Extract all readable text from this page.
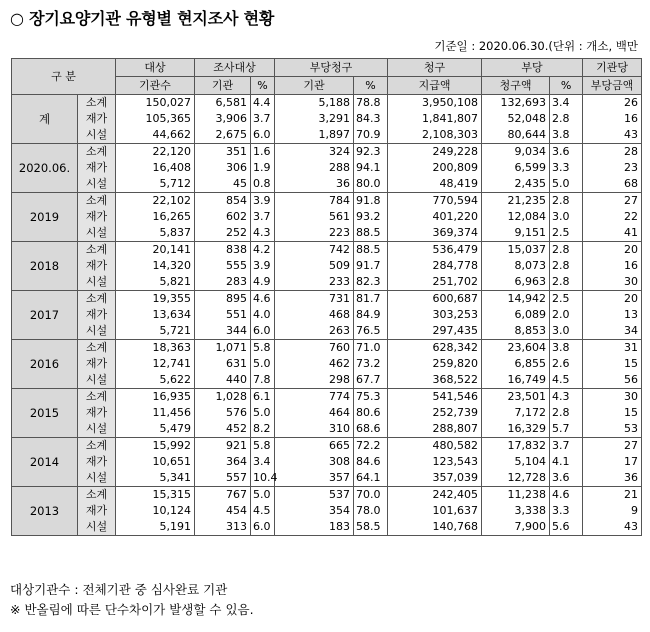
○ 장기요양기관 유형별 현지조사 현황
기준일 : 2020.06.30.(단위 : 개소, 백만
구 분		대상	조사대상		부당청구		청구	부당		기관당
		기관수	기관	%	기관	%	지급액	청구액	%	부당금액
계	소계	150,027	6,581	4.4	5,188	78.8	3,950,108	132,693	3.4	26
	재가	105,365	3,906	3.7	3,291	84.3	1,841,807	52,048	2.8	16
	시설	44,662	2,675	6.0	1,897	70.9	2,108,303	80,644	3.8	43
2020.06.	소계	22,120	351	1.6	324	92.3	249,228	9,034	3.6	28
	재가	16,408	306	1.9	288	94.1	200,809	6,599	3.3	23
	시설	5,712	45	0.8	36	80.0	48,419	2,435	5.0	68
2019	소계	22,102	854	3.9	784	91.8	770,594	21,235	2.8	27
	재가	16,265	602	3.7	561	93.2	401,220	12,084	3.0	22
	시설	5,837	252	4.3	223	88.5	369,374	9,151	2.5	41
2018	소계	20,141	838	4.2	742	88.5	536,479	15,037	2.8	20
	재가	14,320	555	3.9	509	91.7	284,778	8,073	2.8	16
	시설	5,821	283	4.9	233	82.3	251,702	6,963	2.8	30
2017	소계	19,355	895	4.6	731	81.7	600,687	14,942	2.5	20
	재가	13,634	551	4.0	468	84.9	303,253	6,089	2.0	13
	시설	5,721	344	6.0	263	76.5	297,435	8,853	3.0	34
2016	소계	18,363	1,071	5.8	760	71.0	628,342	23,604	3.8	31
	재가	12,741	631	5.0	462	73.2	259,820	6,855	2.6	15
	시설	5,622	440	7.8	298	67.7	368,522	16,749	4.5	56
2015	소계	16,935	1,028	6.1	774	75.3	541,546	23,501	4.3	30
	재가	11,456	576	5.0	464	80.6	252,739	7,172	2.8	15
	시설	5,479	452	8.2	310	68.6	288,807	16,329	5.7	53
2014	소계	15,992	921	5.8	665	72.2	480,582	17,832	3.7	27
	재가	10,651	364	3.4	308	84.6	123,543	5,104	4.1	17
	시설	5,341	557	10.4	357	64.1	357,039	12,728	3.6	36
2013	소계	15,315	767	5.0	537	70.0	242,405	11,238	4.6	21
	재가	10,124	454	4.5	354	78.0	101,637	3,338	3.3	9
	시설	5,191	313	6.0	183	58.5	140,768	7,900	5.6	43
대상기관수 : 전체기관 중 심사완료 기관
※ 반올림에 따른 단수차이가 발생할 수 있음.
